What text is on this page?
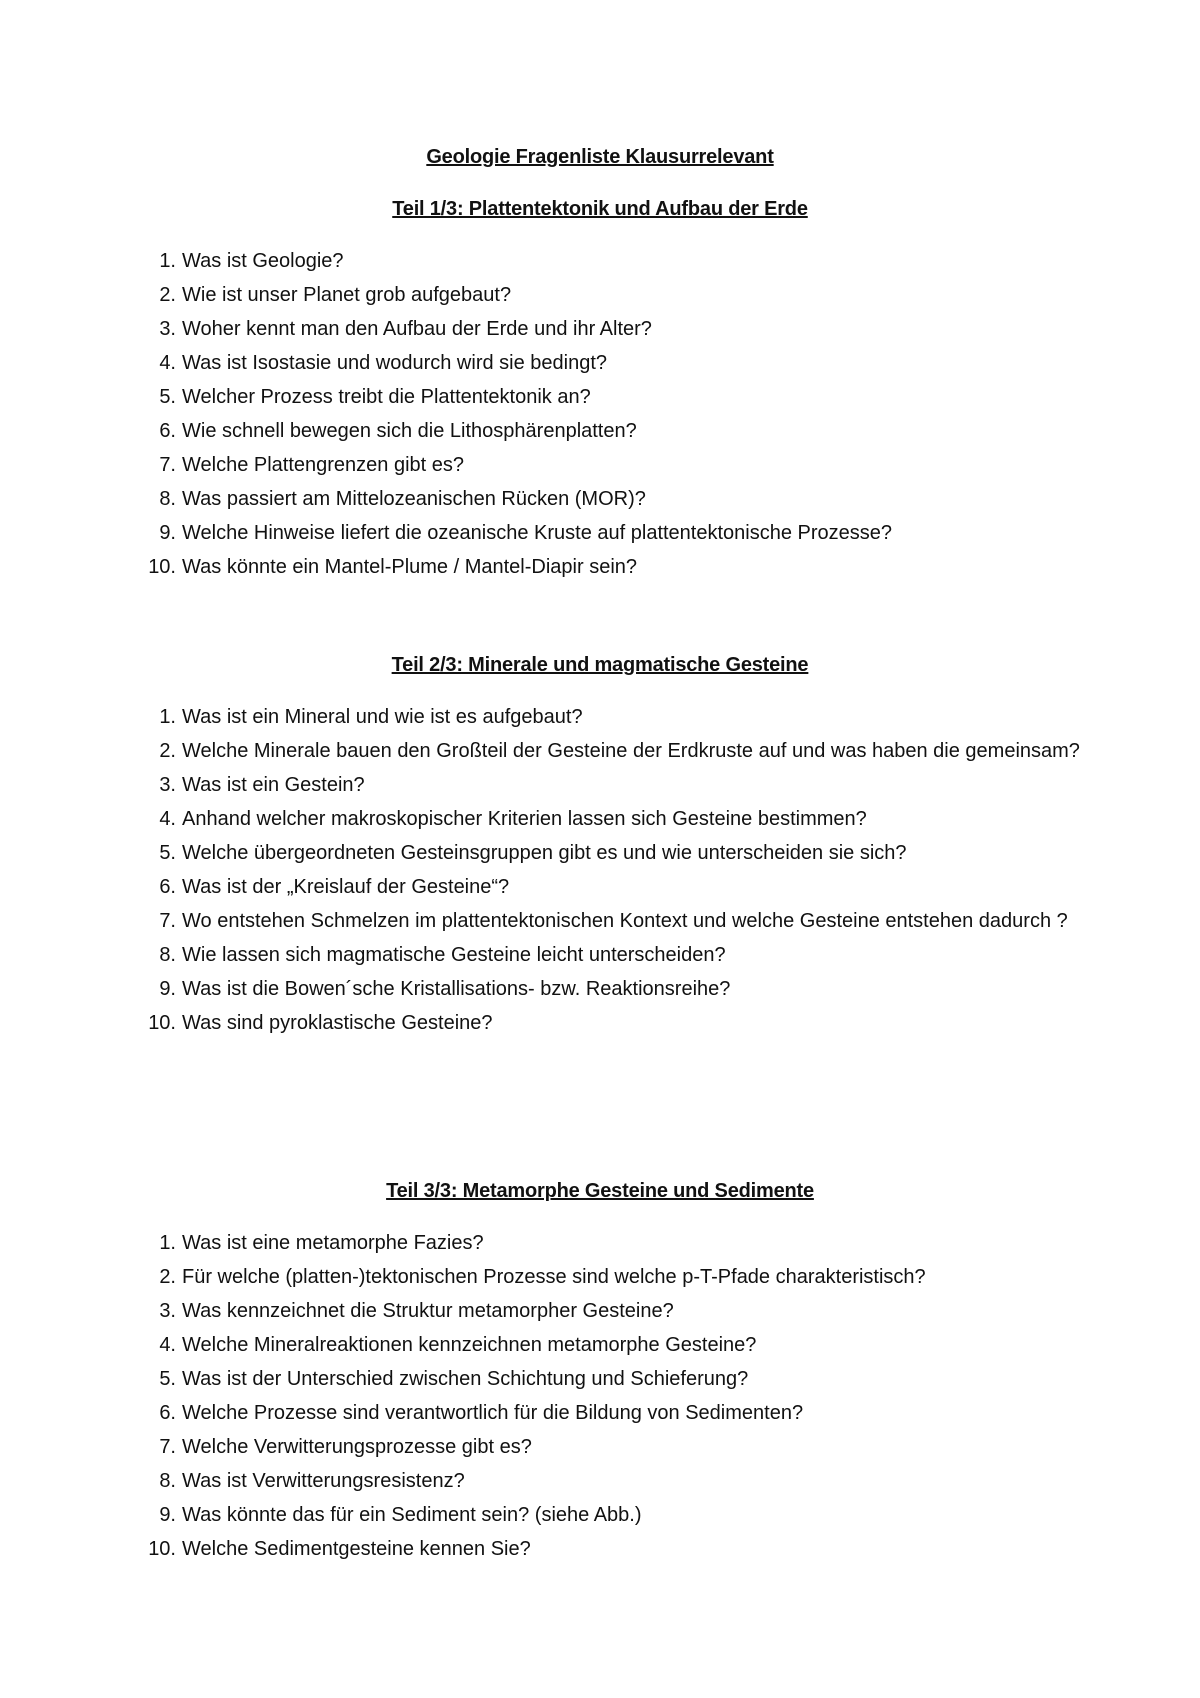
Geologie Fragenliste Klausurrelevant
Teil 1/3: Plattentektonik und Aufbau der Erde
1. Was ist Geologie?
2. Wie ist unser Planet grob aufgebaut?
3. Woher kennt man den Aufbau der Erde und ihr Alter?
4. Was ist Isostasie und wodurch wird sie bedingt?
5. Welcher Prozess treibt die Plattentektonik an?
6. Wie schnell bewegen sich die Lithosphärenplatten?
7. Welche Plattengrenzen gibt es?
8. Was passiert am Mittelozeanischen Rücken (MOR)?
9. Welche Hinweise liefert die ozeanische Kruste auf plattentektonische Prozesse?
10. Was könnte ein Mantel-Plume / Mantel-Diapir sein?
Teil 2/3: Minerale und magmatische Gesteine
1. Was ist ein Mineral und wie ist es aufgebaut?
2. Welche Minerale bauen den Großteil der Gesteine der Erdkruste auf und was haben die gemeinsam?
3. Was ist ein Gestein?
4. Anhand welcher makroskopischer Kriterien lassen sich Gesteine bestimmen?
5. Welche übergeordneten Gesteinsgruppen gibt es und wie unterscheiden sie sich?
6. Was ist der „Kreislauf der Gesteine“?
7. Wo entstehen Schmelzen im plattentektonischen Kontext und welche Gesteine entstehen dadurch ?
8. Wie lassen sich magmatische Gesteine leicht unterscheiden?
9. Was ist die Bowen´sche Kristallisations- bzw. Reaktionsreihe?
10. Was sind pyroklastische Gesteine?
Teil 3/3: Metamorphe Gesteine und Sedimente
1. Was ist eine metamorphe Fazies?
2. Für welche (platten-)tektonischen Prozesse sind welche p-T-Pfade charakteristisch?
3. Was kennzeichnet die Struktur metamorpher Gesteine?
4. Welche Mineralreaktionen kennzeichnen metamorphe Gesteine?
5. Was ist der Unterschied zwischen Schichtung und Schieferung?
6. Welche Prozesse sind verantwortlich für die Bildung von Sedimenten?
7. Welche Verwitterungsprozesse gibt es?
8. Was ist Verwitterungsresistenz?
9. Was könnte das für ein Sediment sein? (siehe Abb.)
10. Welche Sedimentgesteine kennen Sie?
